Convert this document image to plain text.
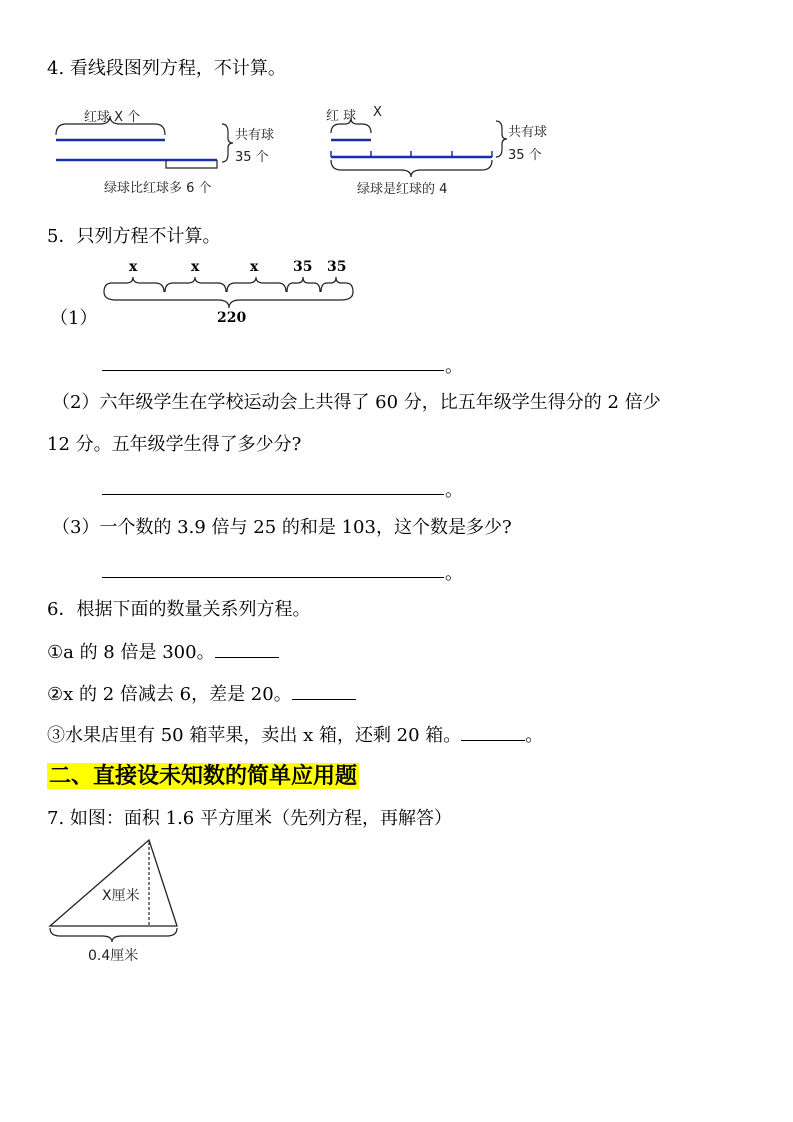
4. 看线段图列方程，不计算。
红球 X 个
共有球
35 个
绿球比红球多 6 个
红 球 X
共有球
35 个
绿球是红球的 4
5．只列方程不计算。
（1）
x	x	x 35 35
220
。
（2）六年级学生在学校运动会上共得了 60 分，比五年级学生得分的 2 倍少
12 分。五年级学生得了多少分?
。
（3）一个数的 3.9 倍与 25 的和是 103，这个数是多少?
。
6．根据下面的数量关系列方程。
①a 的 8 倍是 300。
②x 的 2 倍减去 6，差是 20。
③水果店里有 50 箱苹果，卖出 x 箱，还剩 20 箱。	。
二、直接设未知数的简单应用题
7. 如图：面积 1.6 平方厘米（先列方程，再解答）
X厘米
0.4厘米
